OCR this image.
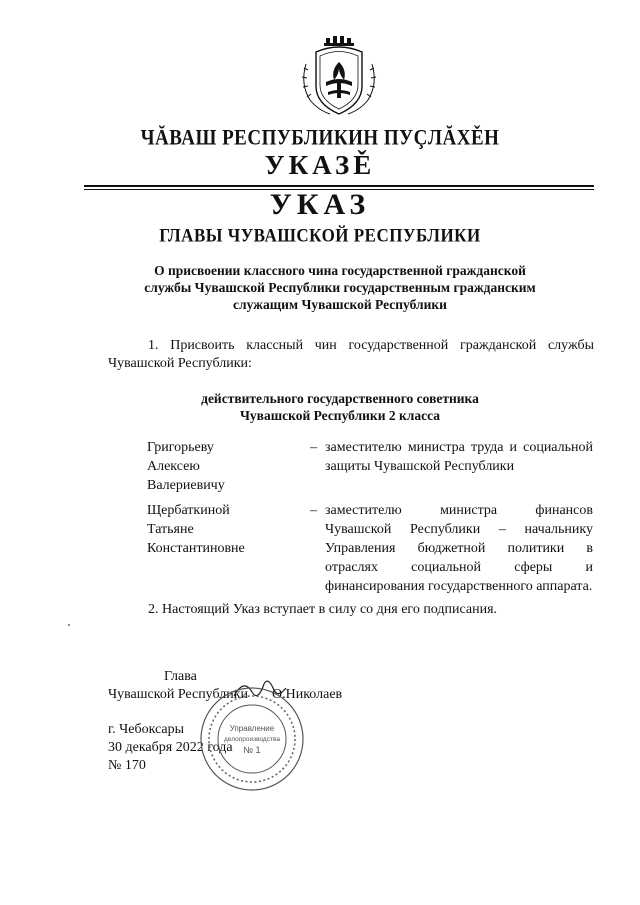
ЧĂВАШ РЕСПУБЛИКИН ПУÇЛĂХĚН
УКАЗĚ
УКАЗ
ГЛАВЫ ЧУВАШСКОЙ РЕСПУБЛИКИ
О присвоении классного чина государственной гражданской
службы Чувашской Республики государственным гражданским
служащим Чувашской Республики
1. Присвоить классный чин государственной гражданской службы Чувашской Республики:
действительного государственного советника
Чувашской Республики 2 класса
Григорьеву
Алексею
Валериевичу
– заместителю министра труда и социальной защиты Чувашской Республики
Щербаткиной
Татьяне
Константиновне
– заместителю министра финансов Чувашской Республики – начальнику Управления бюджетной политики в отраслях социальной сферы и финансирования государственного аппарата.
2. Настоящий Указ вступает в силу со дня его подписания.
Глава
Чувашской Республики О.Николаев
г. Чебоксары
30 декабря 2022 года
№ 170
Управление
делопроизводства
№ 1
